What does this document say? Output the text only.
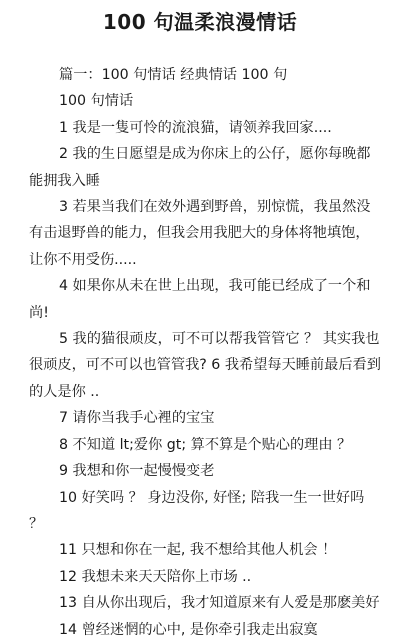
100 句温柔浪漫情话

篇一：100 句情话 经典情话 100 句

100 句情话

1 我是一隻可怜的流浪猫，请领养我回家....

2 我的生日愿望是成为你床上的公仔，愿你每晚都能拥我入睡

3 若果当我们在效外遇到野兽，别惊慌，我虽然没有击退野兽的能力，但我会用我肥大的身体将牠填饱，让你不用受伤.....

4 如果你从未在世上出现，我可能已经成了一个和尚!

5 我的猫很顽皮，可不可以帮我管管它 ？ 其实我也很顽皮，可不可以也管管我? 6 我希望每天睡前最后看到的人是你 ..

7 请你当我手心裡的宝宝

8 不知道 lt;爱你 gt; 算不算是个贴心的理由 ？

9 我想和你一起慢慢变老

10 好笑吗 ？ 身边没你, 好怪; 陪我一生一世好吗 ？

11 只想和你在一起, 我不想给其他人机会 ！

12 我想未来天天陪你上市场 ..

13 自从你出现后，我才知道原来有人爱是那麽美好

14 曾经迷惘的心中, 是你牵引我走出寂寞
